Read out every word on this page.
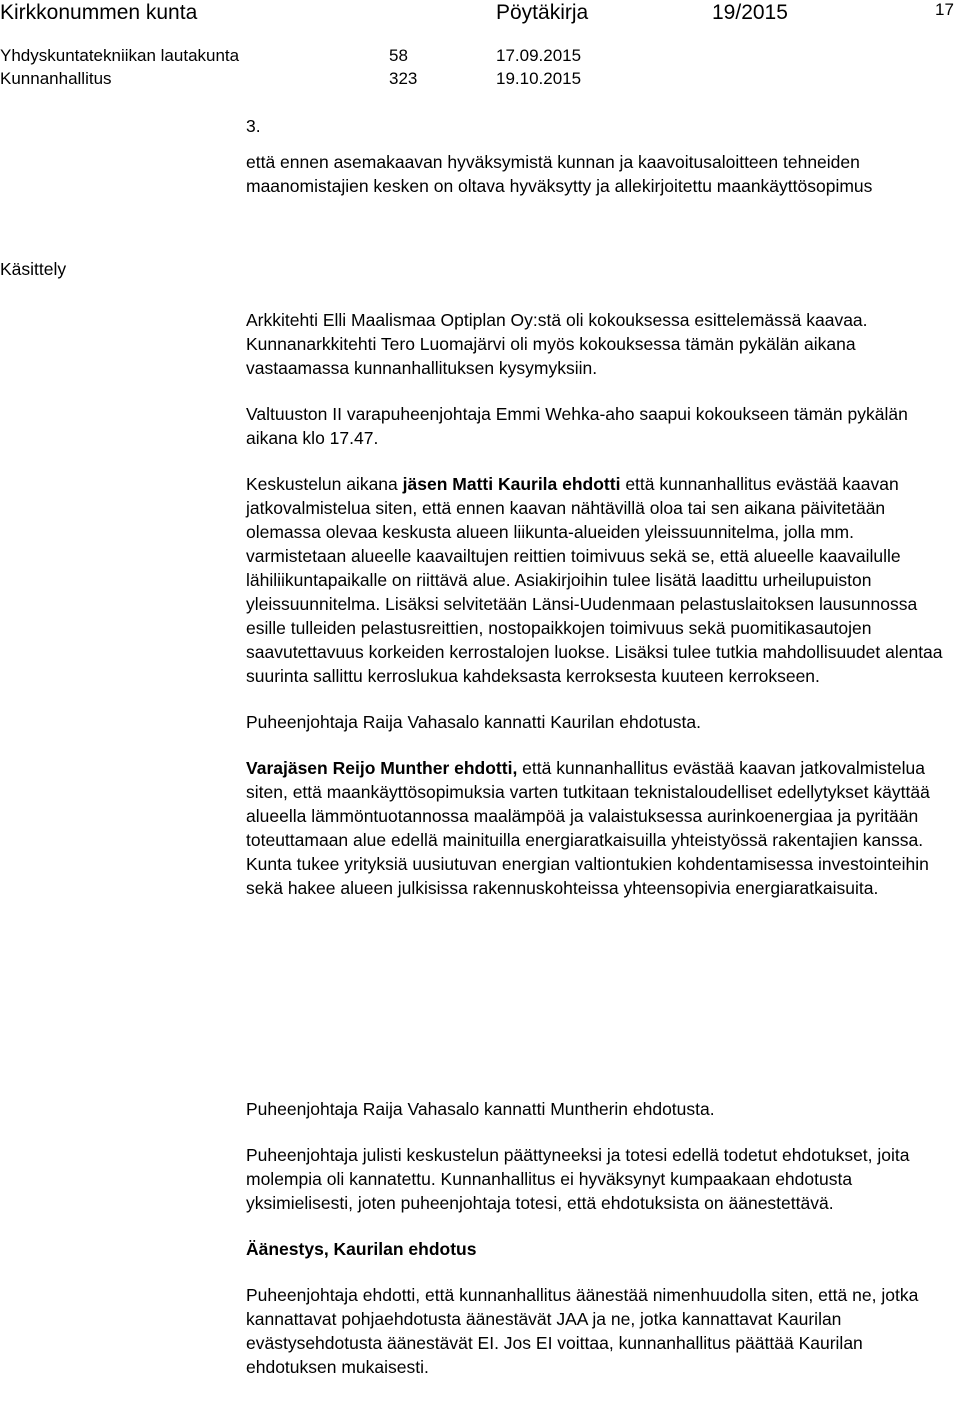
Kirkkonummen kunta	Pöytäkirja	19/2015	17
Yhdyskuntatekniikan lautakunta	58	17.09.2015
Kunnanhallitus	323	19.10.2015

3.

että ennen asemakaavan hyväksymistä kunnan ja kaavoitusaloitteen tehneiden maanomistajien kesken on oltava hyväksytty ja allekirjoitettu maankäyttösopimus

Käsittely

Arkkitehti Elli Maalismaa Optiplan Oy:stä oli kokouksessa esittelemässä kaavaa. Kunnanarkkitehti Tero Luomajärvi oli myös kokouksessa tämän pykälän aikana vastaamassa kunnanhallituksen kysymyksiin.

Valtuuston II varapuheenjohtaja Emmi Wehka-aho saapui kokoukseen tämän pykälän aikana klo 17.47.

Keskustelun aikana jäsen Matti Kaurila ehdotti että kunnanhallitus evästää kaavan jatkovalmistelua siten, että ennen kaavan nähtävillä oloa tai sen aikana päivitetään olemassa olevaa keskusta alueen liikunta-alueiden yleissuunnitelma, jolla mm. varmistetaan alueelle kaavailtujen reittien toimivuus sekä se, että alueelle kaavailulle lähiliikuntapaikalle on riittävä alue. Asiakirjoihin tulee lisätä laadittu urheilupuiston yleissuunnitelma. Lisäksi selvitetään Länsi-Uudenmaan pelastuslaitoksen lausunnossa esille tulleiden pelastusreittien, nostopaikkojen toimivuus sekä puomitikasautojen saavutettavuus korkeiden kerrostalojen luokse. Lisäksi tulee tutkia mahdollisuudet alentaa suurinta sallittu kerroslukua kahdeksasta kerroksesta kuuteen kerrokseen.

Puheenjohtaja Raija Vahasalo kannatti Kaurilan ehdotusta.

Varajäsen Reijo Munther ehdotti, että kunnanhallitus evästää kaavan jatkovalmistelua siten, että maankäyttösopimuksia varten tutkitaan teknistaloudelliset edellytykset käyttää alueella lämmöntuotannossa maalämpöä ja valaistuksessa aurinkoenergiaa ja pyritään toteuttamaan alue edellä mainituilla energiaratkaisuilla yhteistyössä rakentajien kanssa. Kunta tukee yrityksiä uusiutuvan energian valtiontukien kohdentamisessa investointeihin sekä hakee alueen julkisissa rakennuskohteissa yhteensopivia energiaratkaisuita.

Puheenjohtaja Raija Vahasalo kannatti Muntherin ehdotusta.

Puheenjohtaja julisti keskustelun päättyneeksi ja totesi edellä todetut ehdotukset, joita molempia oli kannatettu. Kunnanhallitus ei hyväksynyt kumpaakaan ehdotusta yksimielisesti, joten puheenjohtaja totesi, että ehdotuksista on äänestettävä.

Äänestys, Kaurilan ehdotus

Puheenjohtaja ehdotti, että kunnanhallitus äänestää nimenhuudolla siten, että ne, jotka kannattavat pohjaehdotusta äänestävät JAA ja ne, jotka kannattavat Kaurilan evästysehdotusta äänestävät EI. Jos EI voittaa, kunnanhallitus päättää Kaurilan ehdotuksen mukaisesti.
